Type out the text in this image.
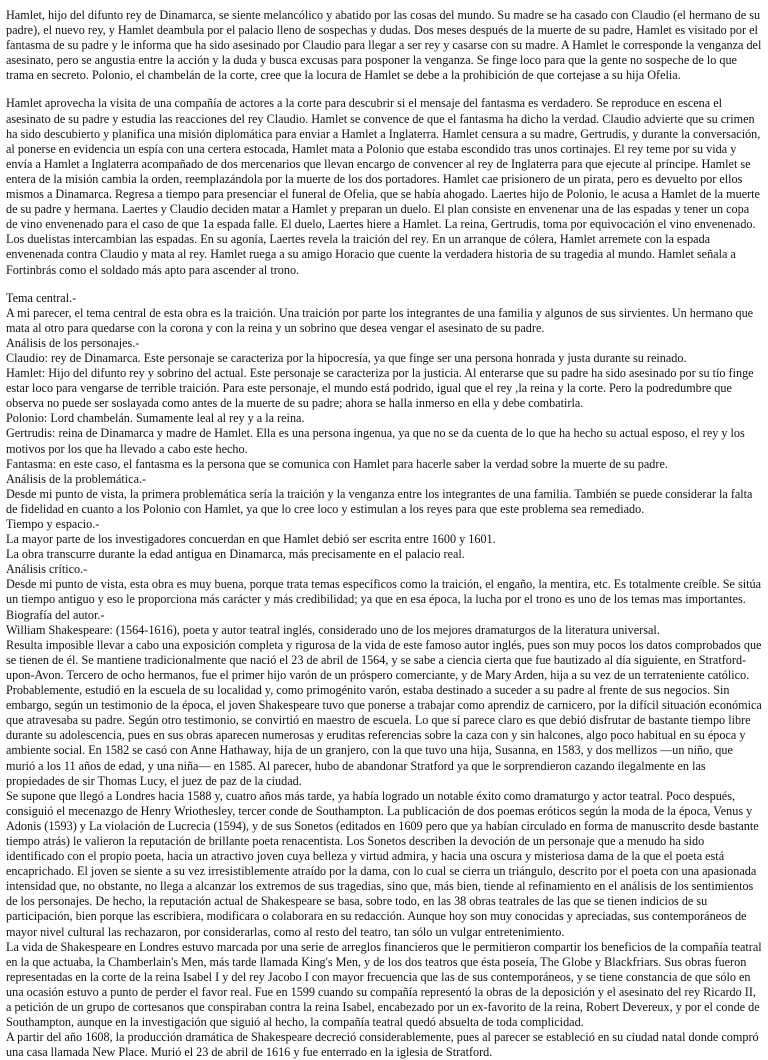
Hamlet, hijo del difunto rey de Dinamarca, se siente melancólico y abatido por las cosas del mundo. Su madre se ha casado con Claudio (el hermano de su padre), el nuevo rey, y Hamlet deambula por el palacio lleno de sospechas y dudas. Dos meses después de la muerte de su padre, Hamlet es visitado por el fantasma de su padre y le informa que ha sido asesinado por Claudio para llegar a ser rey y casarse con su madre. A Hamlet le corresponde la venganza del asesinato, pero se angustia entre la acción y la duda y busca excusas para posponer la venganza. Se finge loco para que la gente no sospeche de lo que trama en secreto. Polonio, el chambelán de la corte, cree que la locura de Hamlet se debe a la prohibición de que cortejase a su hija Ofelia.

Hamlet aprovecha la visita de una compañía de actores a la corte para descubrir si el mensaje del fantasma es verdadero. Se reproduce en escena el asesinato de su padre y estudia las reacciones del rey Claudio. Hamlet se convence de que el fantasma ha dicho la verdad. Claudio advierte que su crimen ha sido descubierto y planifica una misión diplomática para enviar a Hamlet a Inglaterra. Hamlet censura a su madre, Gertrudis, y durante la conversación, al ponerse en evidencia un espía con una certera estocada, Hamlet mata a Polonio que estaba escondido tras unos cortinajes. El rey teme por su vida y envía a Hamlet a Inglaterra acompañado de dos mercenarios que llevan encargo de convencer al rey de Inglaterra para que ejecute al príncipe. Hamlet se entera de la misión cambia la orden, reemplazándola por la muerte de los dos portadores. Hamlet cae prisionero de un pirata, pero es devuelto por ellos mismos a Dinamarca. Regresa a tiempo para presenciar el funeral de Ofelia, que se había ahogado. Laertes hijo de Polonio, le acusa a Hamlet de la muerte de su padre y hermana. Laertes y Claudio deciden matar a Hamlet y preparan un duelo. El plan consiste en envenenar una de las espadas y tener un copa de vino envenenado para el caso de que 1a espada falle. El duelo, Laertes hiere a Hamlet. La reina, Gertrudis, toma por equivocación el vino envenenado. Los duelistas intercambian las espadas. En su agonía, Laertes revela la traición del rey. En un arranque de cólera, Hamlet arremete con la espada envenenada contra Claudio y mata al rey. Hamlet ruega a su amigo Horacio que cuente la verdadera historia de su tragedia al mundo. Hamlet señala a Fortinbrás como el soldado más apto para ascender al trono.

Tema central.-

A mi parecer, el tema central de esta obra es la traición. Una traición por parte los integrantes de una familia y algunos de sus sirvientes. Un hermano que mata al otro para quedarse con la corona y con la reina y un sobrino que desea vengar el asesinato de su padre.

Análisis de los personajes.-

Claudio: rey de Dinamarca. Este personaje se caracteriza por la hipocresía, ya que finge ser una persona honrada y justa durante su reinado.

Hamlet: Hijo del difunto rey y sobrino del actual. Este personaje se caracteriza por la justicia. Al enterarse que su padre ha sido asesinado por su tío finge estar loco para vengarse de terrible traición. Para este personaje, el mundo está podrido, igual que el rey ,la reina y la corte. Pero la podredumbre que observa no puede ser soslayada como antes de la muerte de su padre; ahora se halla inmerso en ella y debe combatirla.

Polonio: Lord chambelán. Sumamente leal al rey y a la reina.

Gertrudis: reina de Dinamarca y madre de Hamlet. Ella es una persona ingenua, ya que no se da cuenta de lo que ha hecho su actual esposo, el rey y los motivos por los que ha llevado a cabo este hecho.

Fantasma: en este caso, el fantasma es la persona que se comunica con Hamlet para hacerle saber la verdad sobre la muerte de su padre.

Análisis de la problemática.-

Desde mi punto de vista, la primera problemática sería la traición y la venganza entre los integrantes de una familia. También se puede considerar la falta de fidelidad en cuanto a los Polonio con Hamlet, ya que lo cree loco y estimulan a los reyes para que este problema sea remediado.

Tiempo y espacio.-

La mayor parte de los investigadores concuerdan en que Hamlet debió ser escrita entre 1600 y 1601.

La obra transcurre durante la edad antigua en Dinamarca, más precisamente en el palacio real.

Análisis crítico.-

Desde mi punto de vista, esta obra es muy buena, porque trata temas específicos como la traición, el engaño, la mentira, etc. Es totalmente creíble. Se sitúa un tiempo antiguo y eso le proporciona más carácter y más credibilidad; ya que en esa época, la lucha por el trono es uno de los temas mas importantes.

Biografía del autor.-

William Shakespeare: (1564-1616), poeta y autor teatral inglés, considerado uno de los mejores dramaturgos de la literatura universal.

Resulta imposible llevar a cabo una exposición completa y rigurosa de la vida de este famoso autor inglés, pues son muy pocos los datos comprobados que se tienen de él. Se mantiene tradicionalmente que nació el 23 de abril de 1564, y se sabe a ciencia cierta que fue bautizado al día siguiente, en Stratford-upon-Avon. Tercero de ocho hermanos, fue el primer hijo varón de un próspero comerciante, y de Mary Arden, hija a su vez de un terrateniente católico. Probablemente, estudió en la escuela de su localidad y, como primogénito varón, estaba destinado a suceder a su padre al frente de sus negocios. Sin embargo, según un testimonio de la época, el joven Shakespeare tuvo que ponerse a trabajar como aprendiz de carnicero, por la difícil situación económica que atravesaba su padre. Según otro testimonio, se convirtió en maestro de escuela. Lo que sí parece claro es que debió disfrutar de bastante tiempo libre durante su adolescencia, pues en sus obras aparecen numerosas y eruditas referencias sobre la caza con y sin halcones, algo poco habitual en su época y ambiente social. En 1582 se casó con Anne Hathaway, hija de un granjero, con la que tuvo una hija, Susanna, en 1583, y dos mellizos —un niño, que murió a los 11 años de edad, y una niña— en 1585. Al parecer, hubo de abandonar Stratford ya que le sorprendieron cazando ilegalmente en las propiedades de sir Thomas Lucy, el juez de paz de la ciudad.

Se supone que llegó a Londres hacia 1588 y, cuatro años más tarde, ya había logrado un notable éxito como dramaturgo y actor teatral. Poco después, consiguió el mecenazgo de Henry Wriothesley, tercer conde de Southampton. La publicación de dos poemas eróticos según la moda de la época, Venus y Adonis (1593) y La violación de Lucrecia (1594), y de sus Sonetos (editados en 1609 pero que ya habían circulado en forma de manuscrito desde bastante tiempo atrás) le valieron la reputación de brillante poeta renacentista. Los Sonetos describen la devoción de un personaje que a menudo ha sido identificado con el propio poeta, hacia un atractivo joven cuya belleza y virtud admira, y hacia una oscura y misteriosa dama de la que el poeta está encaprichado. El joven se siente a su vez irresistiblemente atraído por la dama, con lo cual se cierra un triángulo, descrito por el poeta con una apasionada intensidad que, no obstante, no llega a alcanzar los extremos de sus tragedias, sino que, más bien, tiende al refinamiento en el análisis de los sentimientos de los personajes. De hecho, la reputación actual de Shakespeare se basa, sobre todo, en las 38 obras teatrales de las que se tienen indicios de su participación, bien porque las escribiera, modificara o colaborara en su redacción. Aunque hoy son muy conocidas y apreciadas, sus contemporáneos de mayor nivel cultural las rechazaron, por considerarlas, como al resto del teatro, tan sólo un vulgar entretenimiento.

La vida de Shakespeare en Londres estuvo marcada por una serie de arreglos financieros que le permitieron compartir los beneficios de la compañía teatral en la que actuaba, la Chamberlain's Men, más tarde llamada King's Men, y de los dos teatros que ésta poseía, The Globe y Blackfriars. Sus obras fueron representadas en la corte de la reina Isabel I y del rey Jacobo I con mayor frecuencia que las de sus contemporáneos, y se tiene constancia de que sólo en una ocasión estuvo a punto de perder el favor real. Fue en 1599 cuando su compañía representó la obras de la deposición y el asesinato del rey Ricardo II, a petición de un grupo de cortesanos que conspiraban contra la reina Isabel, encabezado por un ex-favorito de la reina, Robert Devereux, y por el conde de Southampton, aunque en la investigación que siguió al hecho, la compañía teatral quedó absuelta de toda complicidad.

A partir del año 1608, la producción dramática de Shakespeare decreció considerablemente, pues al parecer se estableció en su ciudad natal donde compró una casa llamada New Place. Murió el 23 de abril de 1616 y fue enterrado en la iglesia de Stratford.
